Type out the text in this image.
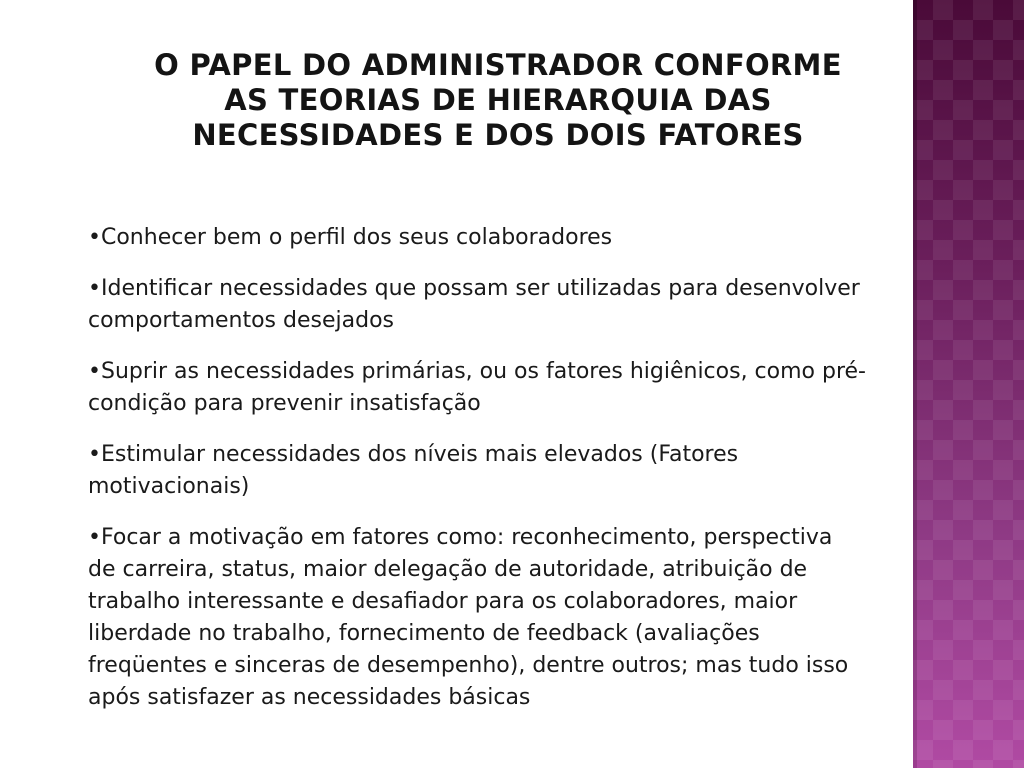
O PAPEL DO ADMINISTRADOR CONFORME
AS TEORIAS DE HIERARQUIA DAS
NECESSIDADES E DOS DOIS FATORES
•Conhecer bem o perfil dos seus colaboradores
•Identificar necessidades que possam ser utilizadas para desenvolver
comportamentos desejados
•Suprir as necessidades primárias, ou os fatores higiênicos, como pré-
condição para prevenir insatisfação
•Estimular necessidades dos níveis mais elevados (Fatores
motivacionais)
•Focar a motivação em fatores como: reconhecimento, perspectiva
de carreira, status, maior delegação de autoridade, atribuição de
trabalho interessante e desafiador para os colaboradores, maior
liberdade no trabalho, fornecimento de feedback (avaliações
freqüentes e sinceras de desempenho), dentre outros; mas tudo isso
após satisfazer as necessidades básicas
